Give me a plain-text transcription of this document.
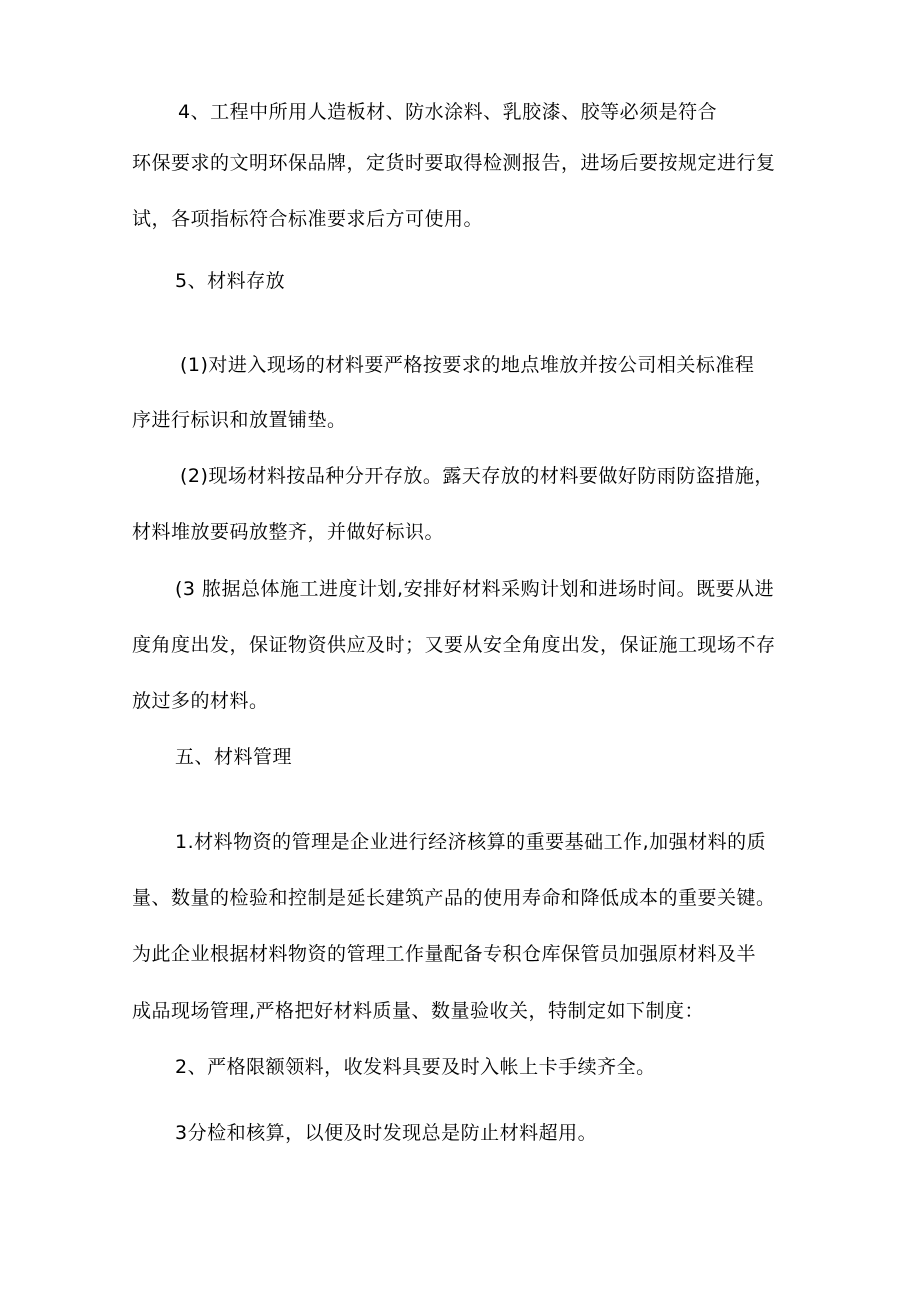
4、工程中所用人造板材、防水涂料、乳胶漆、胶等必须是符合
环保要求的文明环保品牌，定货时要取得检测报告，进场后要按规定进行复
试，各项指标符合标准要求后方可使用。
5、材料存放
(1)对进入现场的材料要严格按要求的地点堆放并按公司相关标准程
序进行标识和放置铺垫。
(2)现场材料按品种分开存放。露天存放的材料要做好防雨防盗措施，
材料堆放要码放整齐，并做好标识。
(3 脓据总体施工进度计划,安排好材料采购计划和进场时间。既要从进
度角度出发，保证物资供应及时；又要从安全角度出发，保证施工现场不存
放过多的材料。
五、材料管理
1.材料物资的管理是企业进行经济核算的重要基础工作,加强材料的质
量、数量的检验和控制是延长建筑产品的使用寿命和降低成本的重要关键。
为此企业根据材料物资的管理工作量配备专积仓库保管员加强原材料及半
成品现场管理,严格把好材料质量、数量验收关，特制定如下制度：
2、严格限额领料，收发料具要及时入帐上卡手续齐全。
3分检和核算，以便及时发现总是防止材料超用。
